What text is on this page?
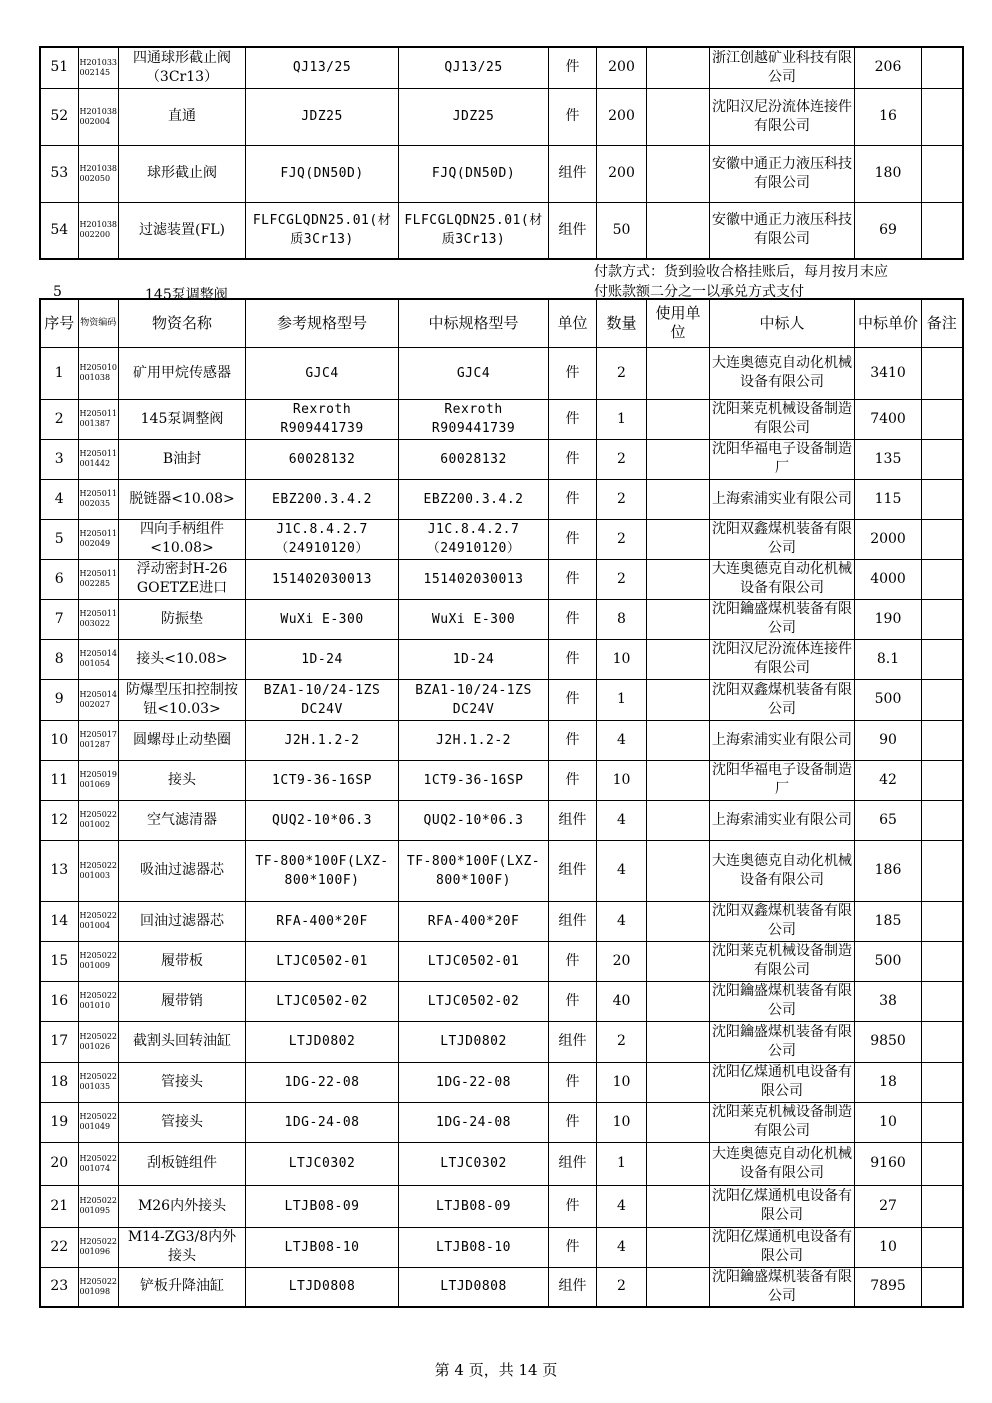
51	H201033 002145	四通球形截止阀（3Cr13）	QJ13/25	QJ13/25	件	200		浙江创越矿业科技有限公司	206	
52	H201038 002004	直通	JDZ25	JDZ25	件	200		沈阳汉尼汾流体连接件有限公司	16	
53	H201038 002050	球形截止阀	FJQ(DN50D)	FJQ(DN50D)	组件	200		安徽中通正力液压科技有限公司	180	
54	H201038 002200	过滤装置(FL)	FLFCGLQDN25.01(材质3Cr13)	FLFCGLQDN25.01(材质3Cr13)	组件	50		安徽中通正力液压科技有限公司	69	
5	145泵调整阀
付款方式：货到验收合格挂账后，每月按月末应
付账款额二分之一以承兑方式支付
序号	物资编码	物资名称	参考规格型号	中标规格型号	单位	数量	使用单位	中标人	中标单价	备注
1	H205010 001038	矿用甲烷传感器	GJC4	GJC4	件	2		大连奥德克自动化机械设备有限公司	3410	
2	H205011 001387	145泵调整阀	Rexroth R909441739	Rexroth R909441739	件	1		沈阳莱克机械设备制造有限公司	7400	
3	H205011 001442	B油封	60028132	60028132	件	2		沈阳华福电子设备制造厂	135	
4	H205011 002035	脱链器<10.08>	EBZ200.3.4.2	EBZ200.3.4.2	件	2		上海索浦实业有限公司	115	
5	H205011 002049	四向手柄组件<10.08>	J1C.8.4.2.7（24910120）	J1C.8.4.2.7（24910120）	件	2		沈阳双鑫煤机装备有限公司	2000	
6	H205011 002285	浮动密封H-26 GOETZE进口	151402030013	151402030013	件	2		大连奥德克自动化机械设备有限公司	4000	
7	H205011 003022	防振垫	WuXi E-300	WuXi E-300	件	8		沈阳鑰盛煤机装备有限公司	190	
8	H205014 001054	接头<10.08>	1D-24	1D-24	件	10		沈阳汉尼汾流体连接件有限公司	8.1	
9	H205014 002027	防爆型压扣控制按钮<10.03>	BZA1-10/24-1ZS DC24V	BZA1-10/24-1ZS DC24V	件	1		沈阳双鑫煤机装备有限公司	500	
10	H205017 001287	圆螺母止动垫圈	J2H.1.2-2	J2H.1.2-2	件	4		上海索浦实业有限公司	90	
11	H205019 001069	接头	1CT9-36-16SP	1CT9-36-16SP	件	10		沈阳华福电子设备制造厂	42	
12	H205022 001002	空气滤清器	QUQ2-10*06.3	QUQ2-10*06.3	组件	4		上海索浦实业有限公司	65	
13	H205022 001003	吸油过滤器芯	TF-800*100F(LXZ-800*100F)	TF-800*100F(LXZ-800*100F)	组件	4		大连奥德克自动化机械设备有限公司	186	
14	H205022 001004	回油过滤器芯	RFA-400*20F	RFA-400*20F	组件	4		沈阳双鑫煤机装备有限公司	185	
15	H205022 001009	履带板	LTJC0502-01	LTJC0502-01	件	20		沈阳莱克机械设备制造有限公司	500	
16	H205022 001010	履带销	LTJC0502-02	LTJC0502-02	件	40		沈阳鑰盛煤机装备有限公司	38	
17	H205022 001026	截割头回转油缸	LTJD0802	LTJD0802	组件	2		沈阳鑰盛煤机装备有限公司	9850	
18	H205022 001035	管接头	1DG-22-08	1DG-22-08	件	10		沈阳亿煤通机电设备有限公司	18	
19	H205022 001049	管接头	1DG-24-08	1DG-24-08	件	10		沈阳莱克机械设备制造有限公司	10	
20	H205022 001074	刮板链组件	LTJC0302	LTJC0302	组件	1		大连奥德克自动化机械设备有限公司	9160	
21	H205022 001095	M26内外接头	LTJB08-09	LTJB08-09	件	4		沈阳亿煤通机电设备有限公司	27	
22	H205022 001096	M14-ZG3/8内外接头	LTJB08-10	LTJB08-10	件	4		沈阳亿煤通机电设备有限公司	10	
23	H205022 001098	铲板升降油缸	LTJD0808	LTJD0808	组件	2		沈阳鑰盛煤机装备有限公司	7895	
第 4 页，共 14 页
